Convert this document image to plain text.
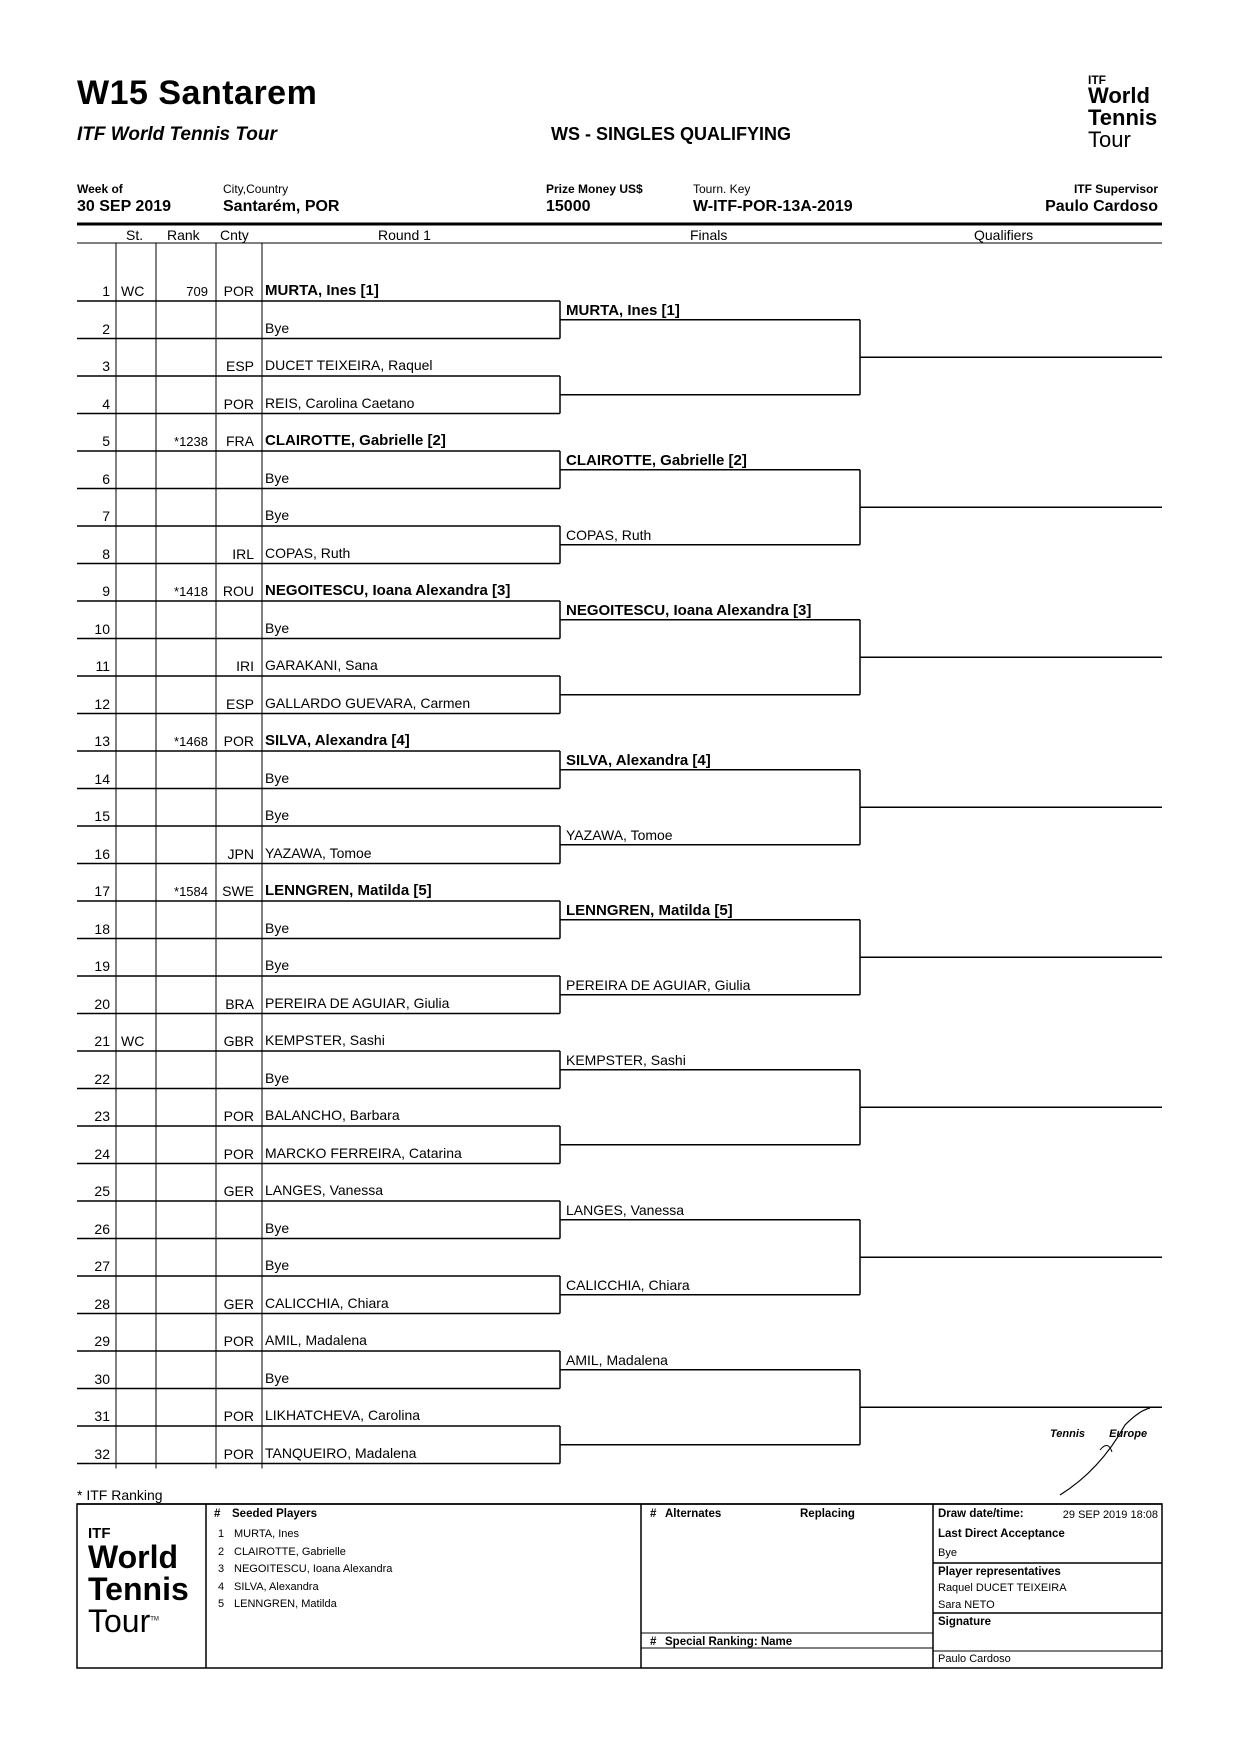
W15 Santarem
ITF World Tennis Tour	WS - SINGLES QUALIFYING
ITF
World
Tennis
Tour
Week of
30 SEP 2019
City,Country
Santarém, POR
Prize Money US$
15000
Tourn. Key
W-ITF-POR-13A-2019
ITF Supervisor
Paulo Cardoso
St. Rank Cnty	Round 1	Finals	Qualifiers
1 WC	709	POR MURTA, Ines [1]
2	Bye
3	ESP DUCET TEIXEIRA, Raquel
4	POR REIS, Carolina Caetano
5	*1238	FRA CLAIROTTE, Gabrielle [2]
6	Bye
7	Bye
8	IRL COPAS, Ruth
9	*1418	ROU NEGOITESCU, Ioana Alexandra [3]
10	Bye
11	IRI GARAKANI, Sana
12	ESP GALLARDO GUEVARA, Carmen
13	*1468	POR SILVA, Alexandra [4]
14	Bye
15	Bye
16	JPN YAZAWA, Tomoe
17	*1584	SWE LENNGREN, Matilda [5]
18	Bye
19	Bye
20	BRA PEREIRA DE AGUIAR, Giulia
21 WC	GBR KEMPSTER, Sashi
22	Bye
23	POR BALANCHO, Barbara
24	POR MARCKO FERREIRA, Catarina
25	GER LANGES, Vanessa
26	Bye
27	Bye
28	GER CALICCHIA, Chiara
29	POR AMIL, Madalena
30	Bye
31	POR LIKHATCHEVA, Carolina
32	POR TANQUEIRO, Madalena
MURTA, Ines [1]
CLAIROTTE, Gabrielle [2]
COPAS, Ruth
NEGOITESCU, Ioana Alexandra [3]
SILVA, Alexandra [4]
YAZAWA, Tomoe
LENNGREN, Matilda [5]
PEREIRA DE AGUIAR, Giulia
KEMPSTER, Sashi
LANGES, Vanessa
CALICCHIA, Chiara
AMIL, Madalena
Tennis Europe
* ITF Ranking
ITF
World
Tennis
Tour™
# Seeded Players
1 MURTA, Ines
2 CLAIROTTE, Gabrielle
3 NEGOITESCU, Ioana Alexandra
4 SILVA, Alexandra
5 LENNGREN, Matilda
# Alternates	Replacing
# Special Ranking: Name
Draw date/time:	29 SEP 2019 18:08
Last Direct Acceptance
Bye
Player representatives
Raquel DUCET TEIXEIRA
Sara NETO
Signature
Paulo Cardoso
